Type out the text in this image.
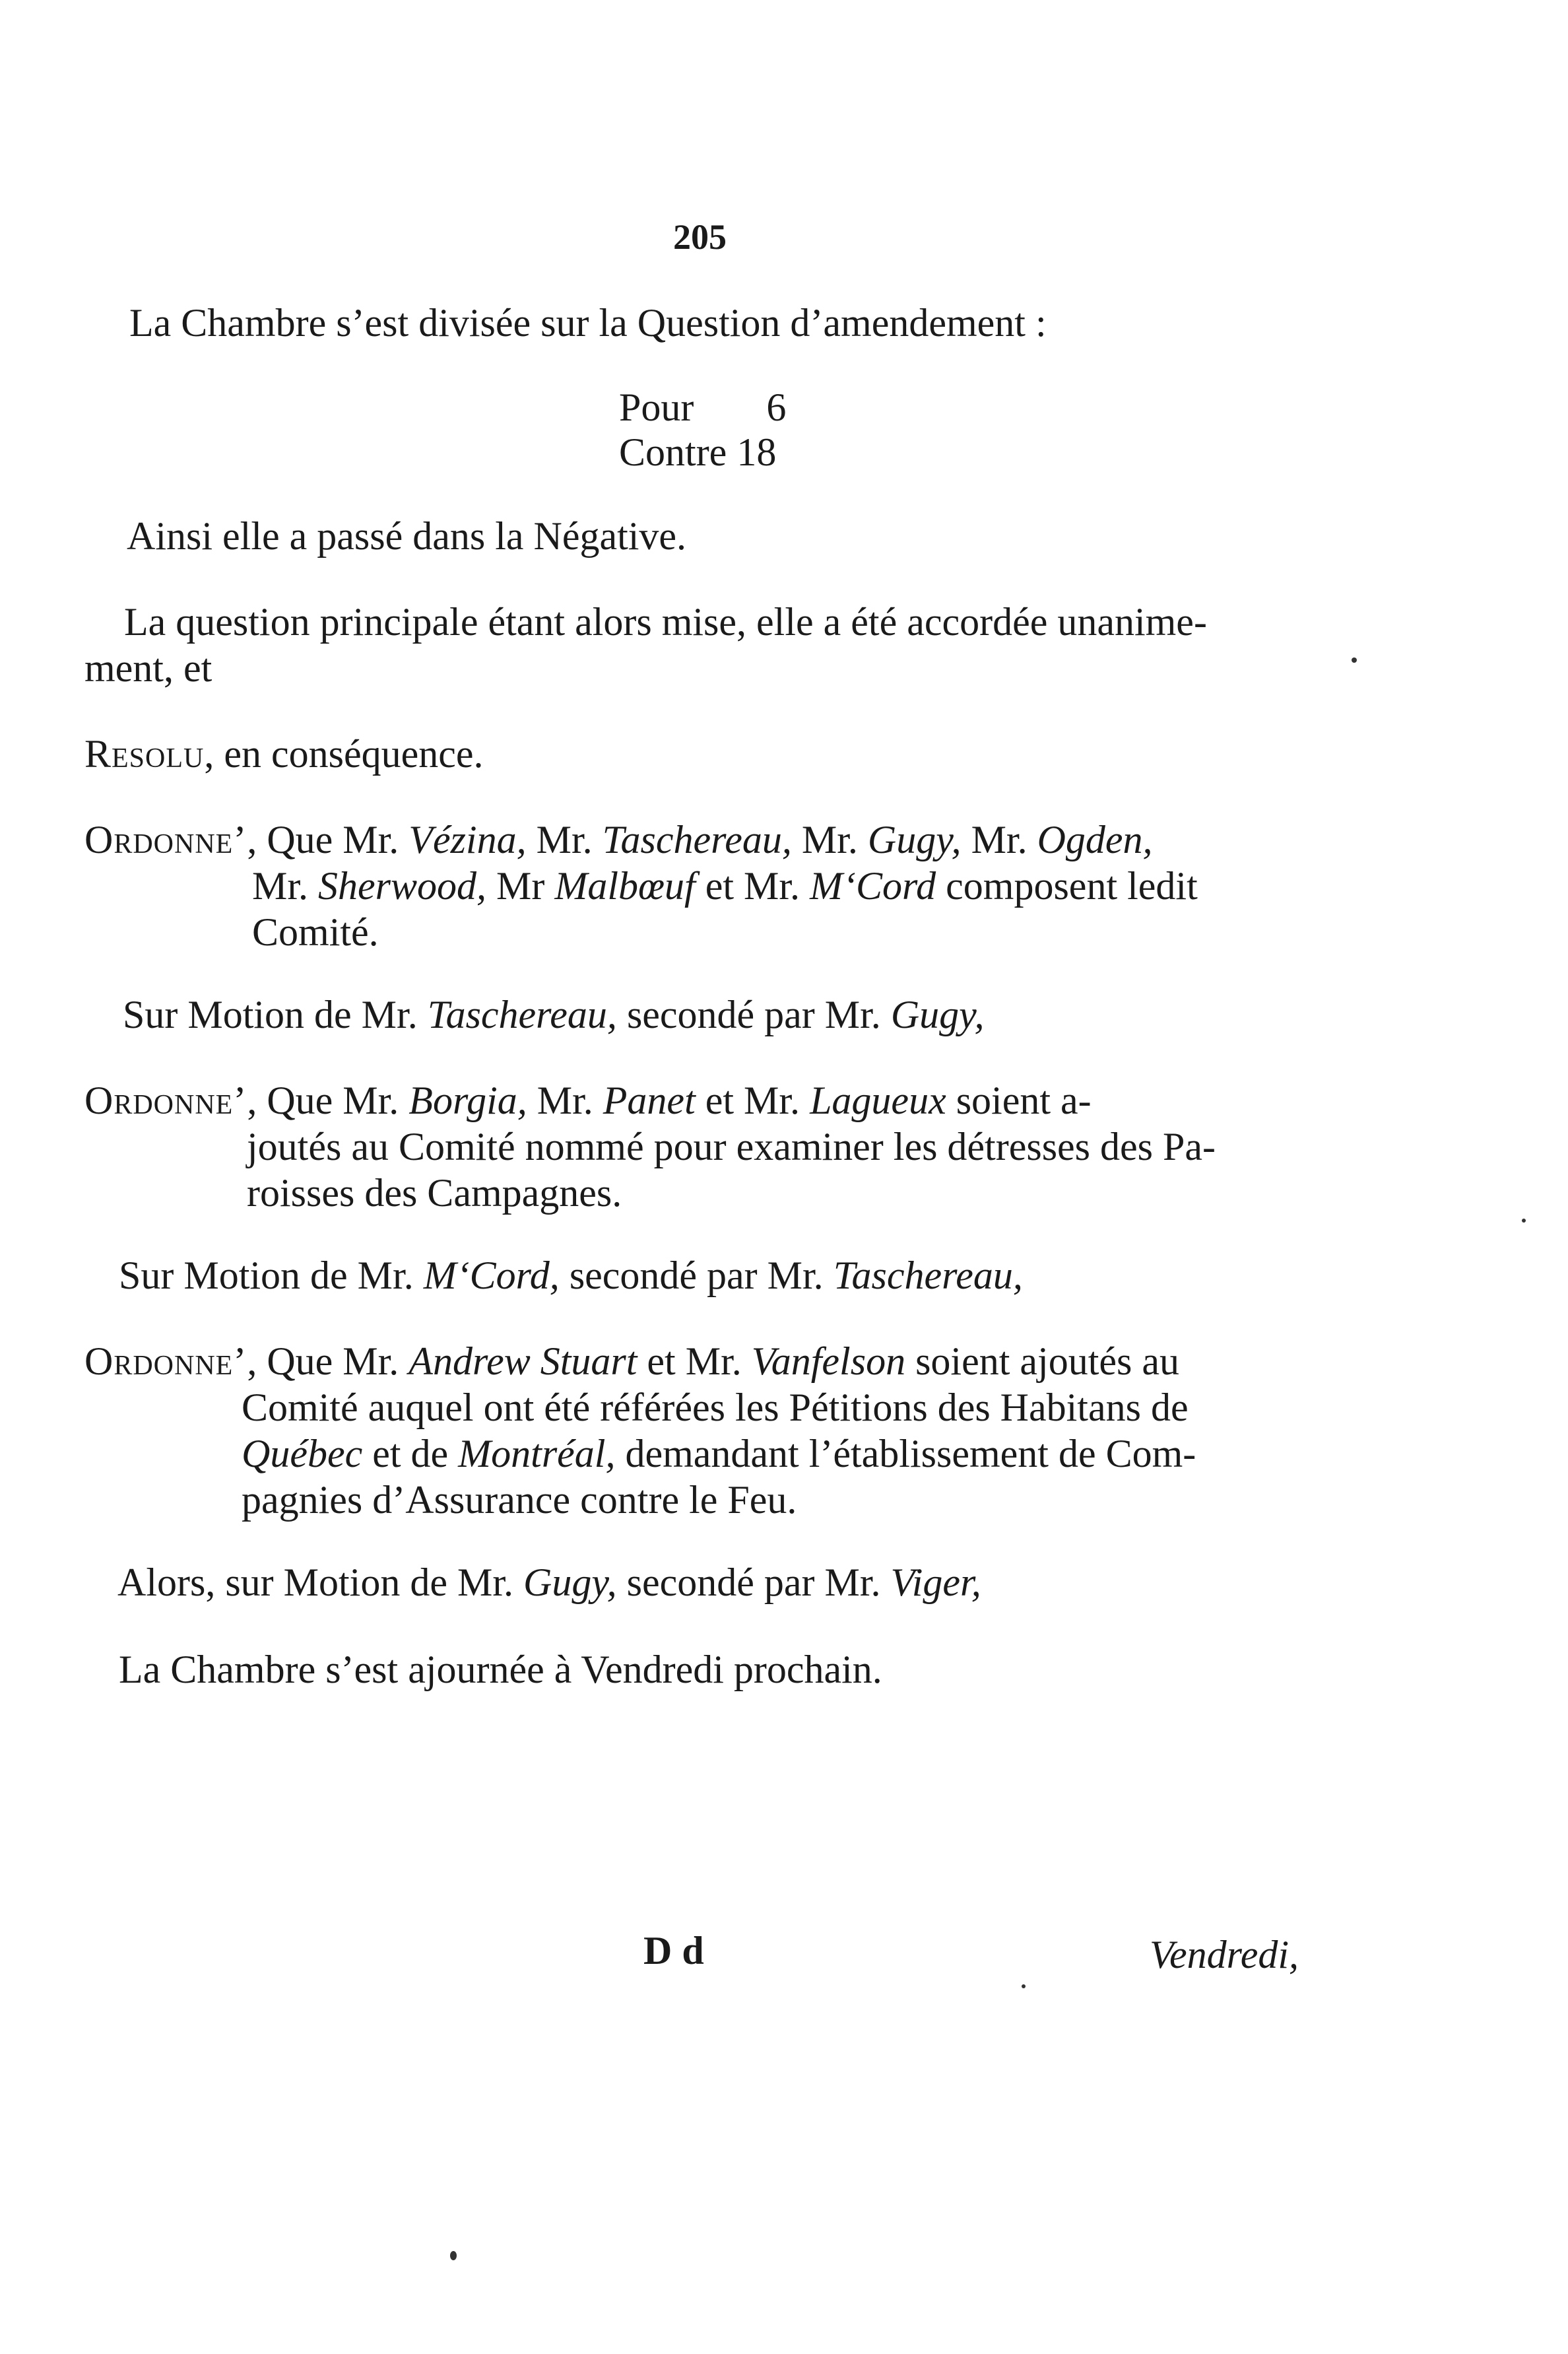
205
La Chambre s’est divisée sur la Question d’amendement :
Pour 6
Contre 18
Ainsi elle a passé dans la Négative.
La question principale étant alors mise, elle a été accordée unanime-
ment, et
Resolu, en conséquence.
Ordonne’, Que Mr. Vézina, Mr. Taschereau, Mr. Gugy, Mr. Ogden,
Mr. Sherwood, Mr Malbœuf et Mr. M‘Cord composent ledit
Comité.
Sur Motion de Mr. Taschereau, secondé par Mr. Gugy,
Ordonne’, Que Mr. Borgia, Mr. Panet et Mr. Lagueux soient a-
joutés au Comité nommé pour examiner les détresses des Pa-
roisses des Campagnes.
Sur Motion de Mr. M‘Cord, secondé par Mr. Taschereau,
Ordonne’, Que Mr. Andrew Stuart et Mr. Vanfelson soient ajoutés au
Comité auquel ont été référées les Pétitions des Habitans de
Québec et de Montréal, demandant l’établissement de Com-
pagnies d’Assurance contre le Feu.
Alors, sur Motion de Mr. Gugy, secondé par Mr. Viger,
La Chambre s’est ajournée à Vendredi prochain.
D d	Vendredi,
